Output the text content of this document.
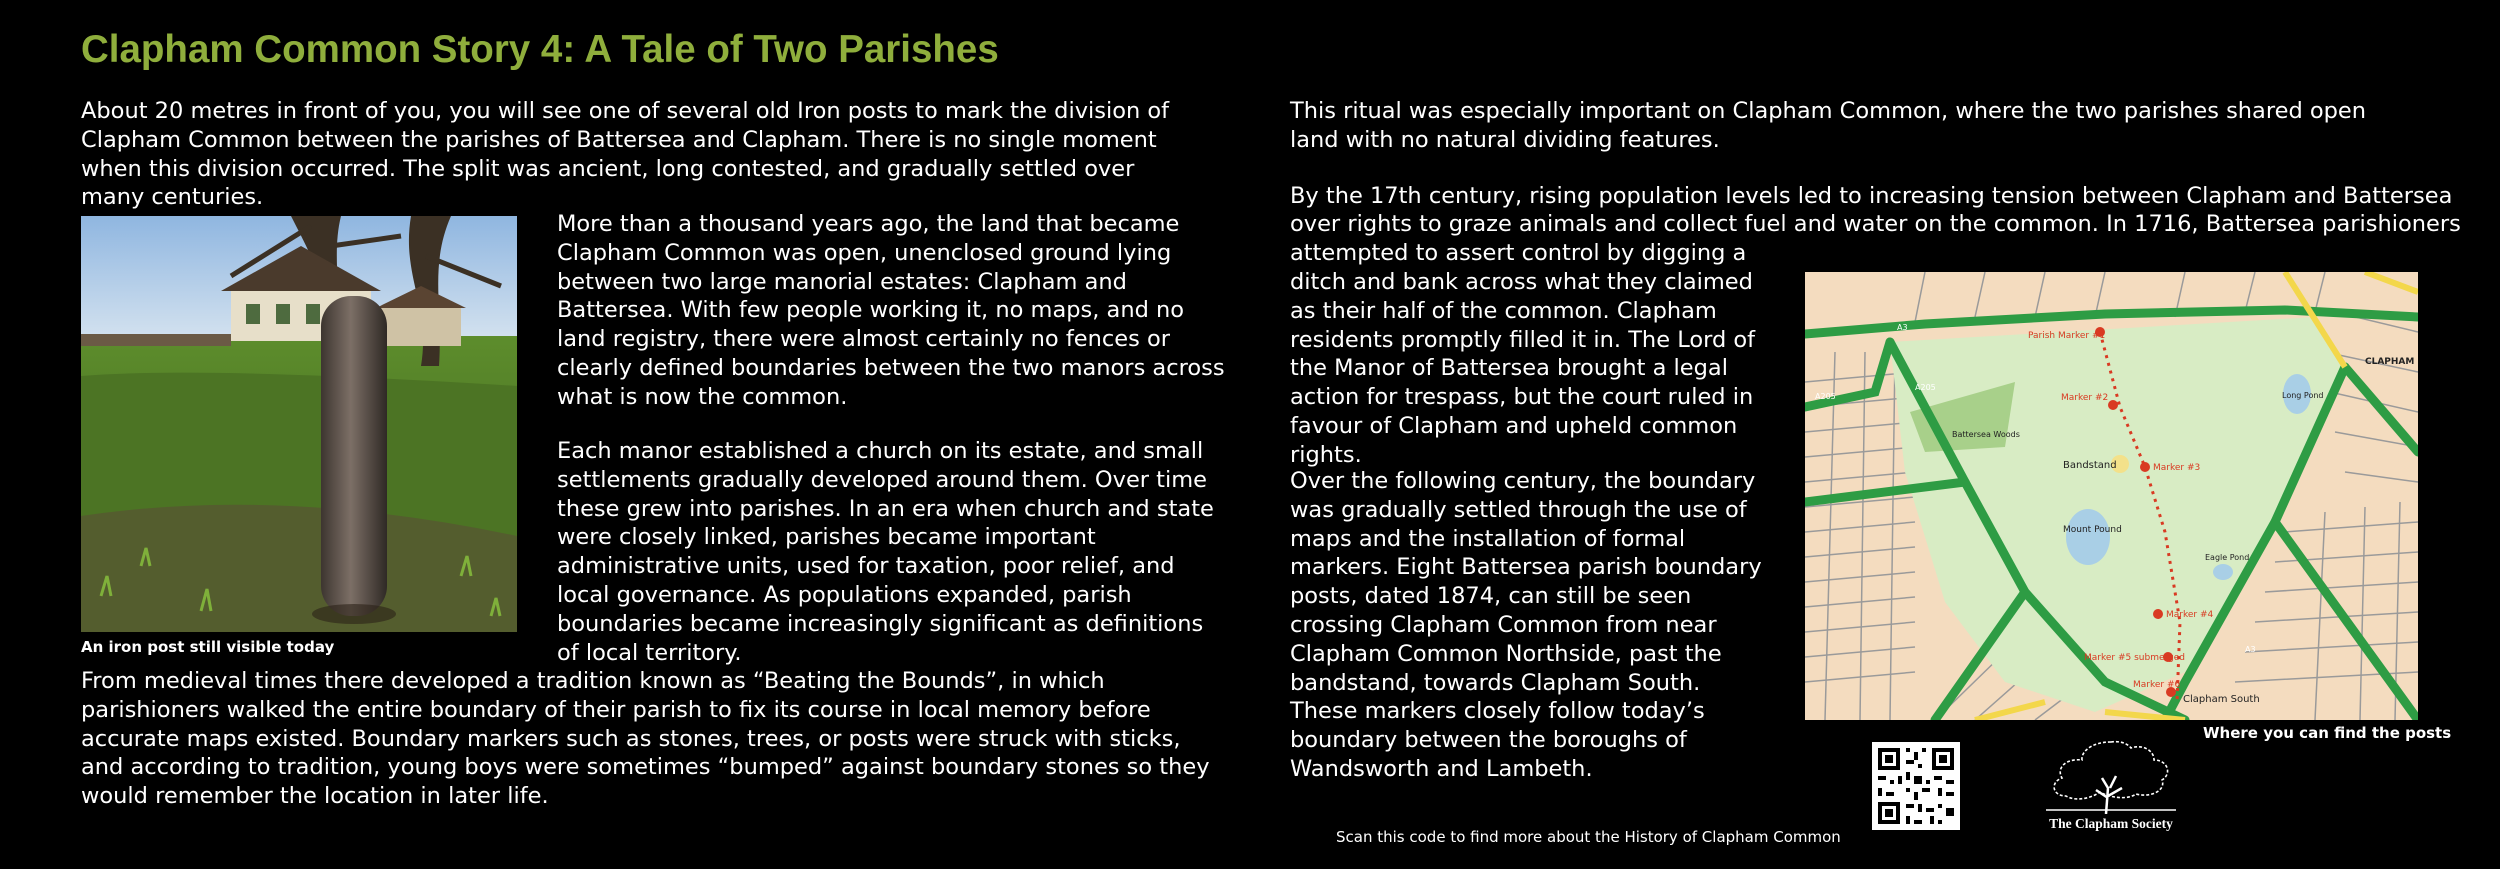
Clapham Common Story 4: A Tale of Two Parishes

About 20 metres in front of you, you will see one of several old Iron posts to mark the division of Clapham Common between the parishes of Battersea and Clapham. There is no single moment when this division occurred. The split was ancient, long contested, and gradually settled over many centuries.

An iron post still visible today

More than a thousand years ago, the land that became Clapham Common was open, unenclosed ground lying between two large manorial estates: Clapham and Battersea. With few people working it, no maps, and no land registry, there were almost certainly no fences or clearly defined boundaries between the two manors across what is now the common.

Each manor established a church on its estate, and small settlements gradually developed around them. Over time these grew into parishes. In an era when church and state were closely linked, parishes became important administrative units, used for taxation, poor relief, and local governance. As populations expanded, parish boundaries became increasingly significant as definitions of local territory.

From medieval times there developed a tradition known as “Beating the Bounds”, in which parishioners walked the entire boundary of their parish to fix its course in local memory before accurate maps existed. Boundary markers such as stones, trees, or posts were struck with sticks, and according to tradition, young boys were sometimes “bumped” against boundary stones so they would remember the location in later life.

This ritual was especially important on Clapham Common, where the two parishes shared open land with no natural dividing features.

By the 17th century, rising population levels led to increasing tension between Clapham and Battersea

over rights to graze animals and collect fuel and water on the common. In 1716, Battersea parishioners

attempted to assert control by digging a

ditch and bank across what they claimed as their half of the common. Clapham residents promptly filled it in. The Lord of the Manor of Battersea brought a legal action for trespass, but the court ruled in favour of Clapham and upheld common rights.

Over the following century, the boundary was gradually settled through the use of maps and the installation of formal markers. Eight Battersea parish boundary posts, dated 1874, can still be seen crossing Clapham Common from near Clapham Common Northside, past the bandstand, towards Clapham South. These markers closely follow today’s boundary between the boroughs of Wandsworth and Lambeth.

Parish Marker #1
Marker #2
Marker #3
Marker #4
Marker #5 submerged
Marker #6
Bandstand
Battersea Woods
Mount Pound
Long Pond
Eagle Pond
CLAPHAM
Clapham South
A3
A205
A205
A3

Where you can find the posts

Scan this code to find more about the History of Clapham Common

The Clapham Society
